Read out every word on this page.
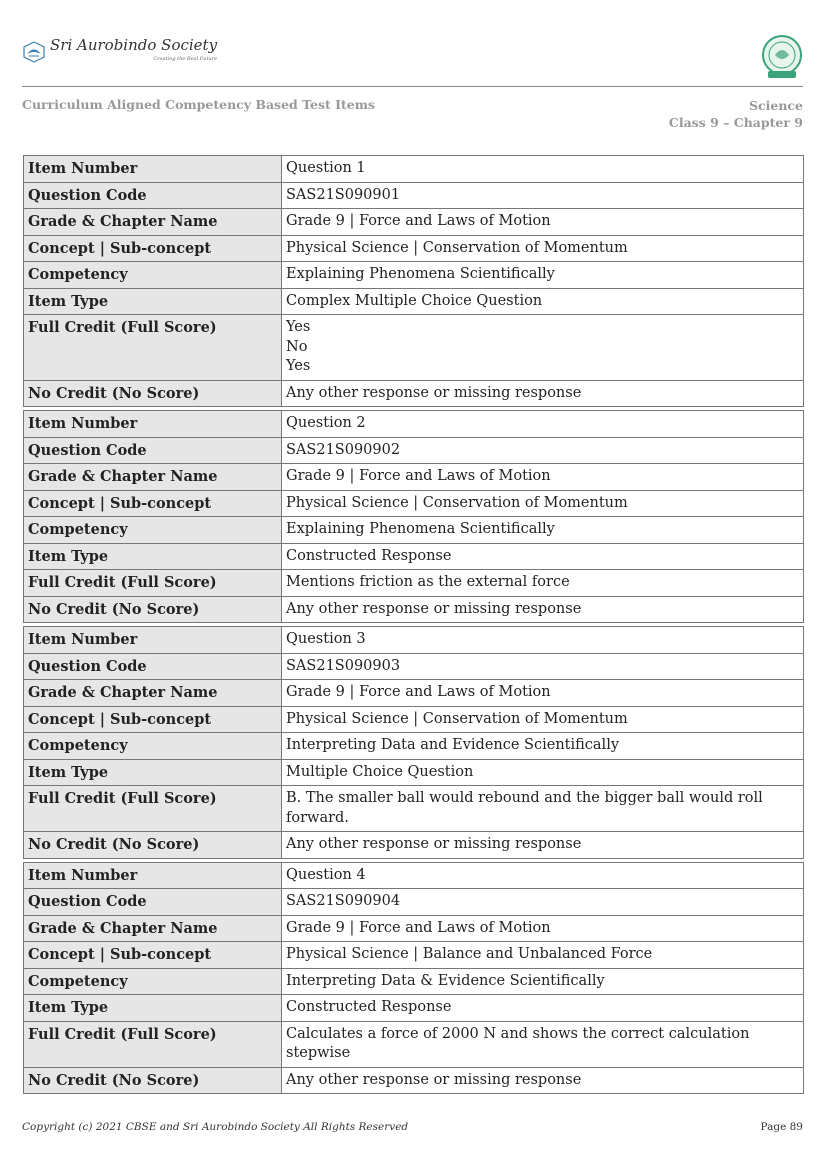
Sri Aurobindo Society
Creating the Real Future
Curriculum Aligned Competency Based Test Items	Science
Class 9 – Chapter 9
Item Number	Question 1
Question Code	SAS21S090901
Grade & Chapter Name	Grade 9 | Force and Laws of Motion
Concept | Sub-concept	Physical Science | Conservation of Momentum
Competency	Explaining Phenomena Scientifically
Item Type	Complex Multiple Choice Question
Full Credit (Full Score)	Yes
No
Yes

No Credit (No Score)	Any other response or missing response
Item Number	Question 2
Question Code	SAS21S090902
Grade & Chapter Name	Grade 9 | Force and Laws of Motion
Concept | Sub-concept	Physical Science | Conservation of Momentum
Competency	Explaining Phenomena Scientifically
Item Type	Constructed Response
Full Credit (Full Score)	Mentions friction as the external force
No Credit (No Score)	Any other response or missing response
Item Number	Question 3
Question Code	SAS21S090903
Grade & Chapter Name	Grade 9 | Force and Laws of Motion
Concept | Sub-concept	Physical Science | Conservation of Momentum
Competency	Interpreting Data and Evidence Scientifically
Item Type	Multiple Choice Question
Full Credit (Full Score)	B. The smaller ball would rebound and the bigger ball would roll forward.
No Credit (No Score)	Any other response or missing response
Item Number	Question 4
Question Code	SAS21S090904
Grade & Chapter Name	Grade 9 | Force and Laws of Motion
Concept | Sub-concept	Physical Science | Balance and Unbalanced Force
Competency	Interpreting Data & Evidence Scientifically
Item Type	Constructed Response
Full Credit (Full Score)	Calculates a force of 2000 N and shows the correct calculation stepwise
No Credit (No Score)	Any other response or missing response
Copyright (c) 2021 CBSE and Sri Aurobindo Society All Rights Reserved	Page 89
